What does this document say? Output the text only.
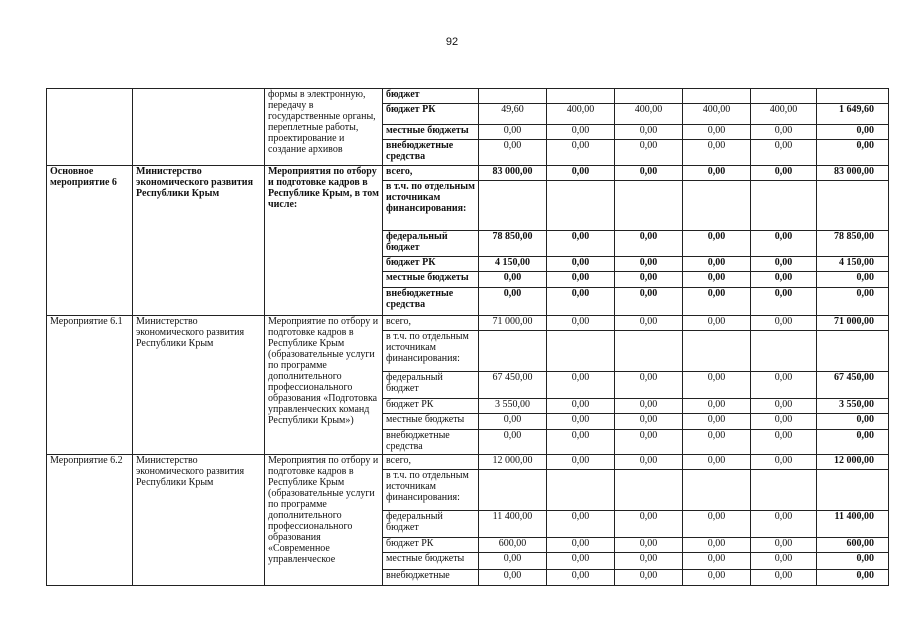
92
		формы в электронную, передачу в государственные органы, переплетные работы, проектирование и создание архивов	бюджет						
			бюджет РК	49,60	400,00	400,00	400,00	400,00	1 649,60
			местные бюджеты	0,00	0,00	0,00	0,00	0,00	0,00
			внебюджетные средства	0,00	0,00	0,00	0,00	0,00	0,00
Основное мероприятие 6	Министерство экономического развития Республики Крым	Мероприятия по отбору и подготовке кадров в Республике Крым, в том числе:	всего,	83 000,00	0,00	0,00	0,00	0,00	83 000,00
			в т.ч. по отдельным источникам финансирования:						
			федеральный бюджет	78 850,00	0,00	0,00	0,00	0,00	78 850,00
			бюджет РК	4 150,00	0,00	0,00	0,00	0,00	4 150,00
			местные бюджеты	0,00	0,00	0,00	0,00	0,00	0,00
			внебюджетные средства	0,00	0,00	0,00	0,00	0,00	0,00
Мероприятие 6.1	Министерство экономического развития Республики Крым	Мероприятие по отбору и подготовке кадров в Республике Крым (образовательные услуги по программе дополнительного профессионального образования «Подготовка управленческих команд Республики Крым»)	всего,	71 000,00	0,00	0,00	0,00	0,00	71 000,00
			в т.ч. по отдельным источникам финансирования:						
			федеральный бюджет	67 450,00	0,00	0,00	0,00	0,00	67 450,00
			бюджет РК	3 550,00	0,00	0,00	0,00	0,00	3 550,00
			местные бюджеты	0,00	0,00	0,00	0,00	0,00	0,00
			внебюджетные средства	0,00	0,00	0,00	0,00	0,00	0,00
Мероприятие 6.2	Министерство экономического развития Республики Крым	Мероприятия по отбору и подготовке кадров в Республике Крым (образовательные услуги по программе дополнительного профессионального образования «Современное управленческое	всего,	12 000,00	0,00	0,00	0,00	0,00	12 000,00
			в т.ч. по отдельным источникам финансирования:						
			федеральный бюджет	11 400,00	0,00	0,00	0,00	0,00	11 400,00
			бюджет РК	600,00	0,00	0,00	0,00	0,00	600,00
			местные бюджеты	0,00	0,00	0,00	0,00	0,00	0,00
			внебюджетные	0,00	0,00	0,00	0,00	0,00	0,00
